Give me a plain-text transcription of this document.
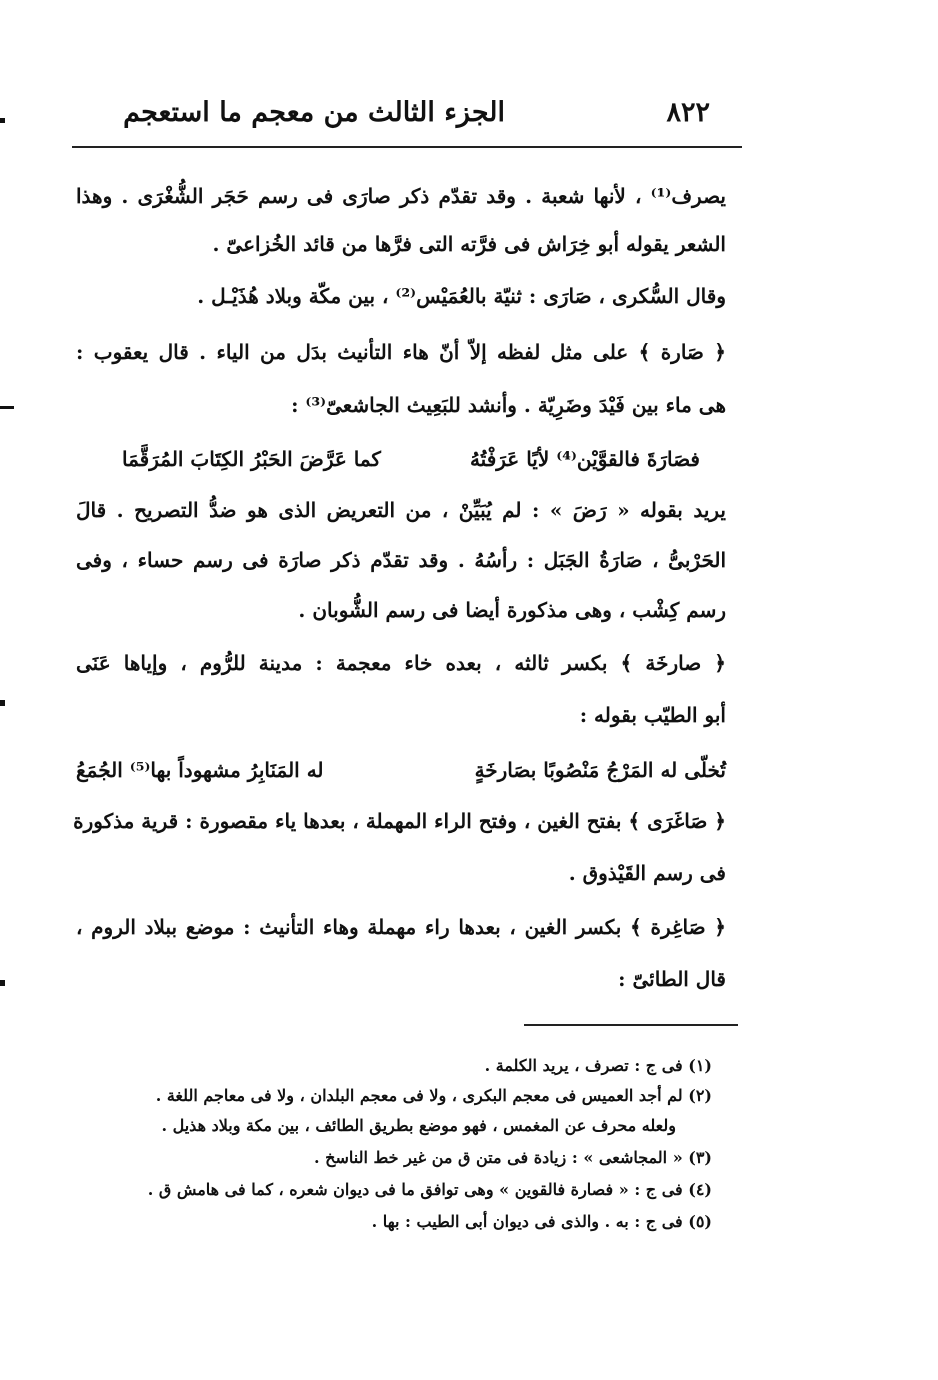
الجزء الثالث من معجم ما استعجم	٨٢٢
يصرف⁽¹⁾ ، لأنها شعبة . وقد تقدّم ذكر صارَى فى رسم حَجَر الشُّغْرَى . وهذا
الشعر يقوله أبو خِرَاش فى فرَّته التى فرَّها من قائد الخُزاعىّ .
وقال السُّكرى ، صَارَى : ثنيّة بالعُمَيْس⁽²⁾ ، بين مكّة وبلاد هُذَيْـل .
﴿ صَارة ﴾ على مثل لفظه إلاّ أنّ هاء التأنيث بدَل من الياء . قال يعقوب :
هى ماء بين فَيْدَ وضَرِيّة . وأنشد للبَعِيث الجاشعىّ⁽³⁾ :
فصَارَةَ فالقوَّيْن⁽⁴⁾ لأيًا عَرَفْتُهُ
كما عَرَّضَ الحَبْرُ الكِتَابَ المُرَقَّمَا
يريد بقوله « رَضَ » : لم يُبَيِّنْ ، من التعريض الذى هو ضدُّ التصريح . قالَ
الحَرْبىُّ ، صَارَةُ الجَبَل : رأسُهُ . وقد تقدّم ذكر صارَة فى رسم حساء ، وفى
رسم كِشْب ، وهى مذكورة أيضا فى رسم الشُّوبان .
﴿ صارخَة ﴾ بكسر ثالثه ، بعده خاء معجمة : مدينة للرُّوم ، وإياها عَنَى
أبو الطيّب بقوله :
تُخلّى له المَرْجُ مَنْصُوبًا بصَارخَةٍ
له المَنَابِرُ مشهوداً بها⁽⁵⁾ الجُمَعُ
﴿ صَاغَرَى ﴾ بفتح الغين ، وفتح الراء المهملة ، بعدها ياء مقصورة : قرية مذكورة
فى رسم القَيْذوق .
﴿ صَاغِرة ﴾ بكسر الغين ، بعدها راء مهملة وهاء التأنيث : موضع ببلاد الروم ،
قال الطائىّ :
(١) فى ج : تصرف ، يريد الكلمة .
(٢) لم أجد العميس فى معجم البكرى ، ولا فى معجم البلدان ، ولا فى معاجم اللغة .
ولعله محرف عن المغمس ، فهو موضع بطريق الطائف ، بين مكة وبلاد هذيل .
(٣) « المجاشعى » : زيادة فى متن ق من غير خط الناسخ .
(٤) فى ج : « فصارة فالقوين » وهى توافق ما فى ديوان شعره ، كما فى هامش ق .
(٥) فى ج : به . والذى فى ديوان أبى الطيب : بها .
